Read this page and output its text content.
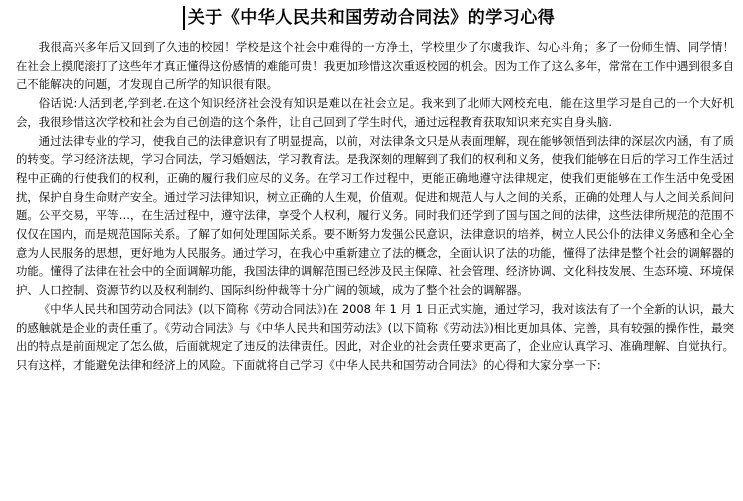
关于《中华人民共和国劳动合同法》的学习心得

我很高兴多年后又回到了久违的校园！学校是这个社会中难得的一方净土，学校里少了尔虞我诈、勾心斗角；多了一份师生情、同学情！ 在社会上摸爬滚打了这些年才真正懂得这份感情的难能可贵！我更加珍惜这次重返校园的机会。因为工作了这么多年，常常在工作中遇到很多自己不能解决的问题，才发现自己所学的知识很有限。

俗话说:人活到老,学到老.在这个知识经济社会没有知识是难以在社会立足。我来到了北师大网校充电．能在这里学习是自己的一个大好机会，我很珍惜这次学校和社会为自己创造的这个条件，让自己回到了学生时代，通过远程教育获取知识来充实自身头脑.

通过法律专业的学习，使我自己的法律意识有了明显提高，以前，对法律条文只是从表面理解，现在能够领悟到法律的深层次内涵，有了质的转变。学习经济法规，学习合同法，学习婚姻法，学习教育法。是我深刻的理解到了我们的权利和义务，使我们能够在日后的学习工作生活过程中正确的行使我们的权利，正确的履行我们应尽的义务。在学习工作过程中，更能正确地遵守法律规定，使我们更能够在工作生活中免受困扰，保护自身生命财产安全。通过学习法律知识，树立正确的人生观，价值观。促进和规范人与人之间的关系，正确的处理人与人之间关系间问题。公平交易，平等…，在生活过程中，遵守法律，享受个人权利，履行义务。同时我们还学到了国与国之间的法律，这些法律所规范的范围不仅仅在国内，而是规范国际关系。了解了如何处理国际关系。要不断努力发强公民意识，法律意识的培养，树立人民公仆的法律义务感和全心全意为人民服务的思想，更好地为人民服务。通过学习，在我心中重新建立了法的概念，全面认识了法的功能，懂得了法律是整个社会的调解器的功能。懂得了法律在社会中的全面调解功能，我国法律的调解范围已经涉及民主保障、社会管理、经济协调、文化科技发展、生态环境、环境保护、人口控制、资源节约以及权利制约、国际纠纷仲裁等十分广阔的领域，成为了整个社会的调解器。

《中华人民共和国劳动合同法》(以下简称《劳动合同法》)在 2008 年 1 月 1 日正式实施，通过学习，我对该法有了一个全新的认识，最大的感触就是企业的责任重了。《劳动合同法》与《中华人民共和国劳动法》(以下简称《劳动法》)相比更加具体、完善，具有较强的操作性，最突出的特点是前面规定了怎么做，后面就规定了违反的法律责任。因此，对企业的社会责任要求更高了，企业应认真学习、准确理解、自觉执行。只有这样，才能避免法律和经济上的风险。下面就将自己学习《中华人民共和国劳动合同法》的心得和大家分享一下:
